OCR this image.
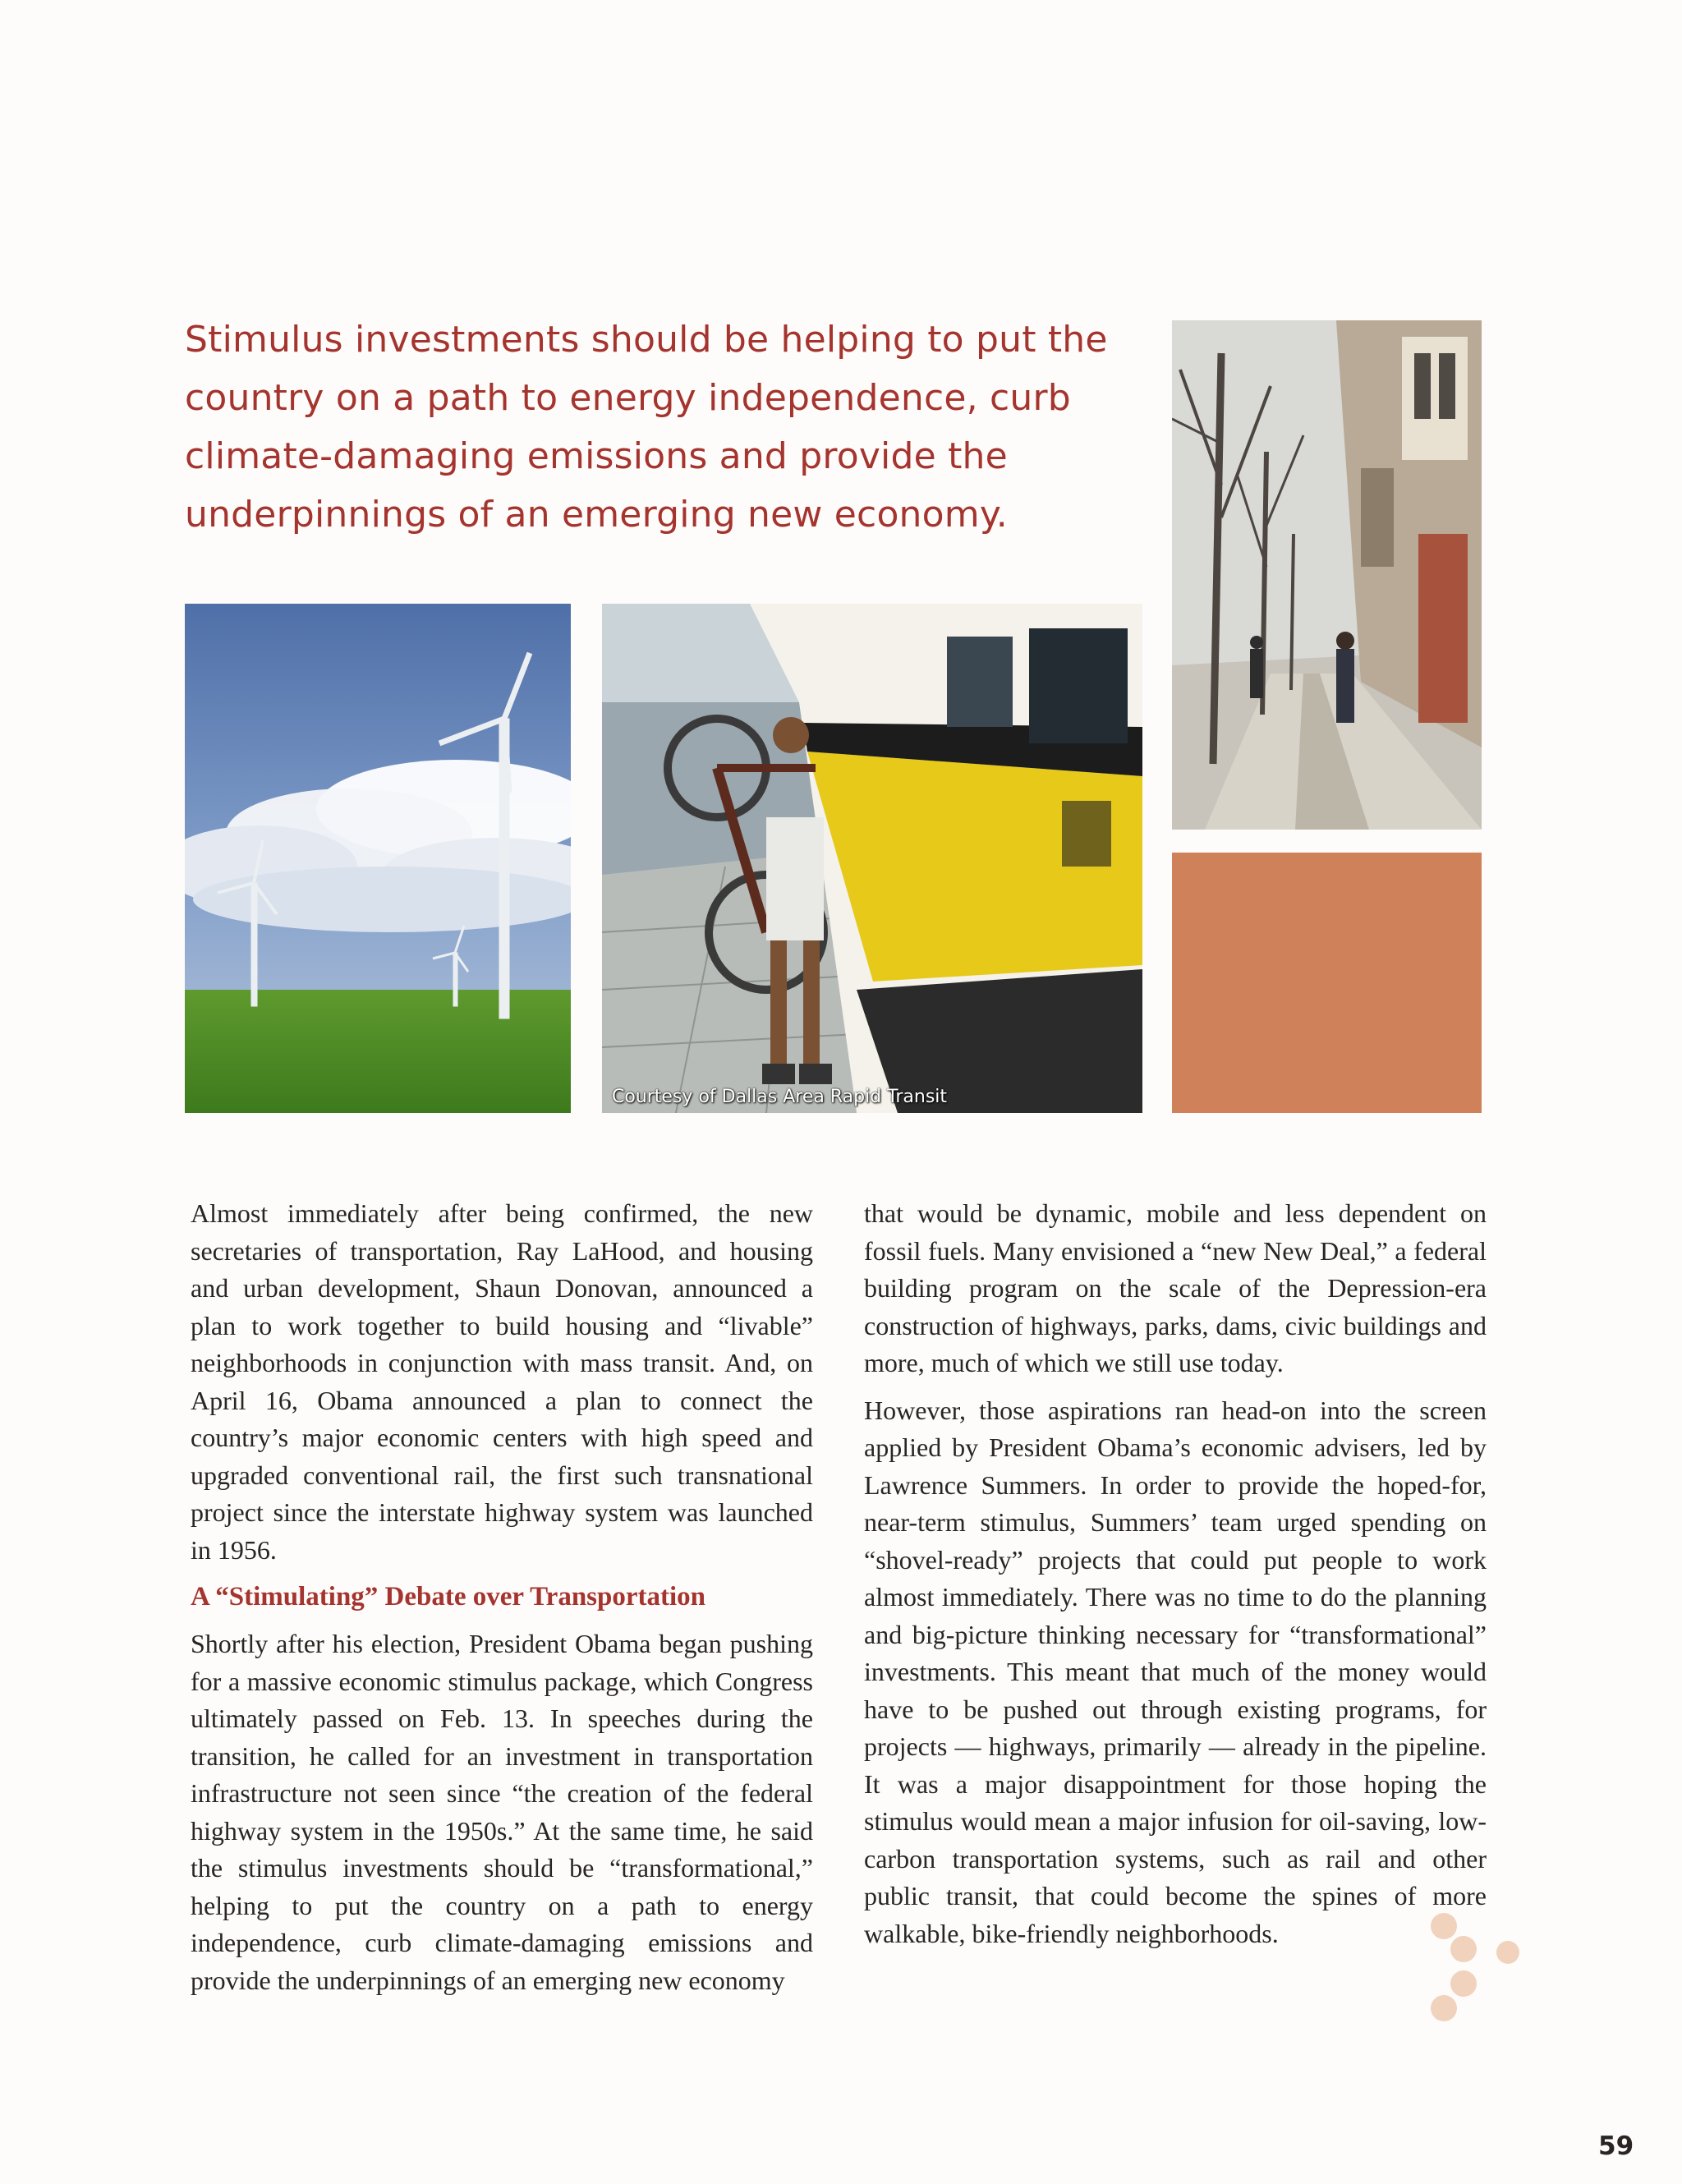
Stimulus investments should be helping to put the country on a path to energy independence, curb climate-damaging emissions and provide the underpinnings of an emerging new economy.
Courtesy of Dallas Area Rapid Transit

Almost immediately after being confirmed, the new secretaries of transportation, Ray LaHood, and housing and urban development, Shaun Donovan, announced a plan to work together to build housing and “livable” neighborhoods in conjunction with mass transit. And, on April 16, Obama announced a plan to connect the country’s major economic centers with high speed and upgraded conventional rail, the first such transnational project since the interstate highway system was launched in 1956.

A “Stimulating” Debate over Transportation

Shortly after his election, President Obama began pushing for a massive economic stimulus package, which Congress ultimately passed on Feb. 13. In speeches during the transition, he called for an investment in transportation infrastructure not seen since “the creation of the federal highway system in the 1950s.” At the same time, he said the stimulus investments should be “transformational,” helping to put the country on a path to energy independence, curb climate-damaging emissions and provide the underpinnings of an emerging new economy

that would be dynamic, mobile and less dependent on fossil fuels. Many envisioned a “new New Deal,” a federal building program on the scale of the Depression-era construction of highways, parks, dams, civic buildings and more, much of which we still use today.

However, those aspirations ran head-on into the screen applied by President Obama’s economic advisers, led by Lawrence Summers. In order to provide the hoped-for, near-term stimulus, Summers’ team urged spending on “shovel-ready” projects that could put people to work almost immediately. There was no time to do the planning and big-picture thinking necessary for “transformational” investments. This meant that much of the money would have to be pushed out through existing programs, for projects — highways, primarily — already in the pipeline. It was a major disappointment for those hoping the stimulus would mean a major infusion for oil-saving, low-carbon transportation systems, such as rail and other public transit, that could become the spines of more walkable, bike-friendly neighborhoods.

59
